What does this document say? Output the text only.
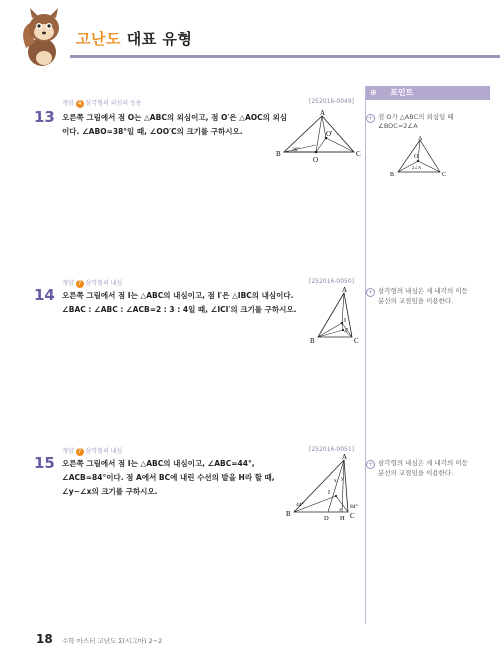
고난도 대표 유형
⊕ 포인트
개념 4 삼각형의 외심의 응용	[252016-0049]
13 오른쪽 그림에서 점 O는 △ABC의 외심이고, 점 O′은 △AOC의 외심
이다. ∠ABO=38°일 때, ∠OO′C의 크기를 구하시오.
A
B	C
O
O′
38°
+ 점 O가 △ABC의 외심일 때
∠BOC=2∠A
A
B	C
O
2∠A
개념 7 삼각형의 내심	[252016-0050]
14 오른쪽 그림에서 점 I는 △ABC의 내심이고, 점 I′은 △IBC의 내심이다.
∠BAC : ∠ABC : ∠ACB=2 : 3 : 4일 때, ∠ICI′의 크기를 구하시오.
A
B	C
I
I′
+ 삼각형의 내심은 세 내각의 이등
분선의 교점임을 이용한다.
개념 7 삼각형의 내심	[252016-0051]
15 오른쪽 그림에서 점 I는 △ABC의 내심이고, ∠ABC=44°,
∠ACB=84°이다. 점 A에서 BC에 내린 수선의 발을 H라 할 때,
∠y−∠x의 크기를 구하시오.
A
B	C
D H
I
x y
44°	84°
+ 삼각형의 내심은 세 내각의 이등
분선의 교점임을 이용한다.
18 수학 마스터 고난도 Σ(시그마) 2−2
